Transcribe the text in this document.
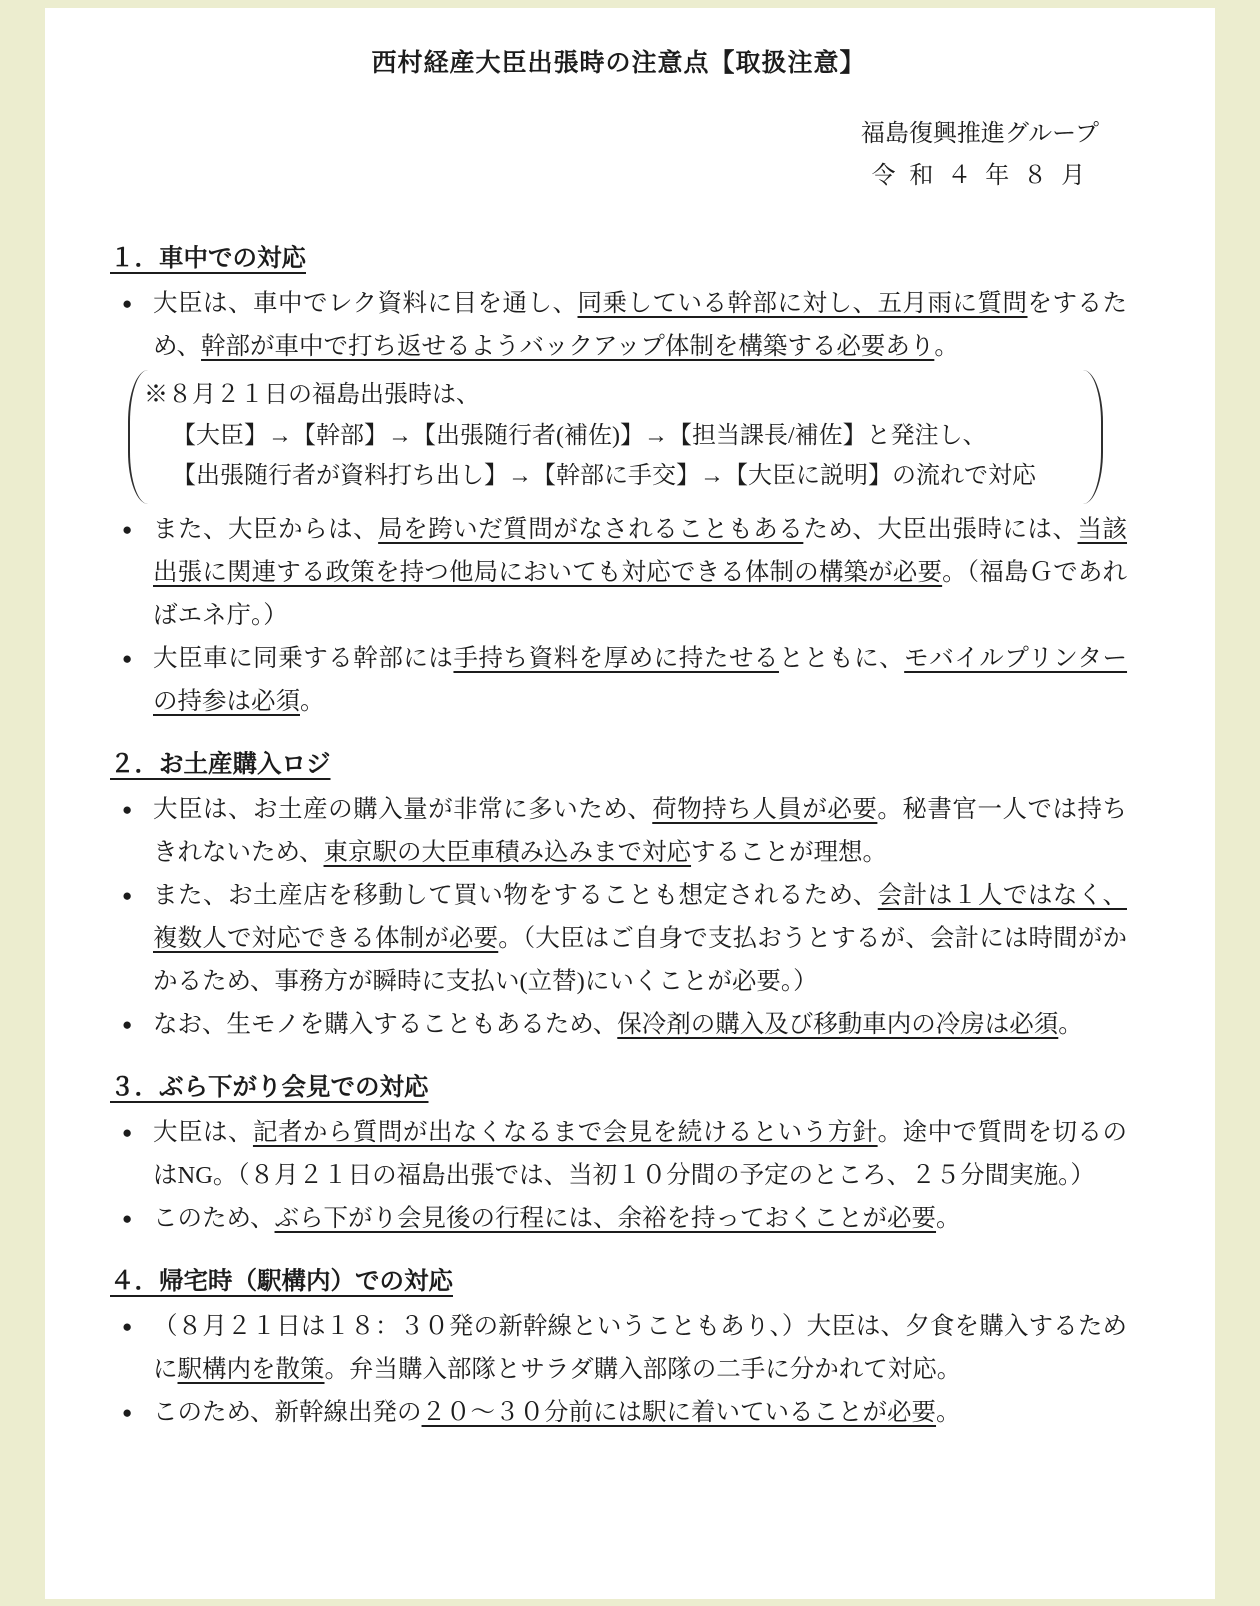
西村経産大臣出張時の注意点【取扱注意】
福島復興推進グループ
令和４年８月
１．車中での対応
● 大臣は、車中でレク資料に目を通し、同乗している幹部に対し、五月雨に質問をするため、幹部が車中で打ち返せるようバックアップ体制を構築する必要あり。
※８月２１日の福島出張時は、
【大臣】→【幹部】→【出張随行者(補佐)】→【担当課長/補佐】と発注し、
【出張随行者が資料打ち出し】→【幹部に手交】→【大臣に説明】の流れで対応
● また、大臣からは、局を跨いだ質問がなされることもあるため、大臣出張時には、当該出張に関連する政策を持つ他局においても対応できる体制の構築が必要。（福島Ｇであればエネ庁。）
● 大臣車に同乗する幹部には手持ち資料を厚めに持たせるとともに、モバイルプリンターの持参は必須。
２．お土産購入ロジ
● 大臣は、お土産の購入量が非常に多いため、荷物持ち人員が必要。秘書官一人では持ちきれないため、東京駅の大臣車積み込みまで対応することが理想。
● また、お土産店を移動して買い物をすることも想定されるため、会計は１人ではなく、複数人で対応できる体制が必要。（大臣はご自身で支払おうとするが、会計には時間がかかるため、事務方が瞬時に支払い(立替)にいくことが必要。）
● なお、生モノを購入することもあるため、保冷剤の購入及び移動車内の冷房は必須。
３．ぶら下がり会見での対応
● 大臣は、記者から質問が出なくなるまで会見を続けるという方針。途中で質問を切るのはNG。（８月２１日の福島出張では、当初１０分間の予定のところ、２５分間実施。）
● このため、ぶら下がり会見後の行程には、余裕を持っておくことが必要。
４．帰宅時（駅構内）での対応
● （８月２１日は１８：３０発の新幹線ということもあり、）大臣は、夕食を購入するために駅構内を散策。弁当購入部隊とサラダ購入部隊の二手に分かれて対応。
● このため、新幹線出発の２０～３０分前には駅に着いていることが必要。
